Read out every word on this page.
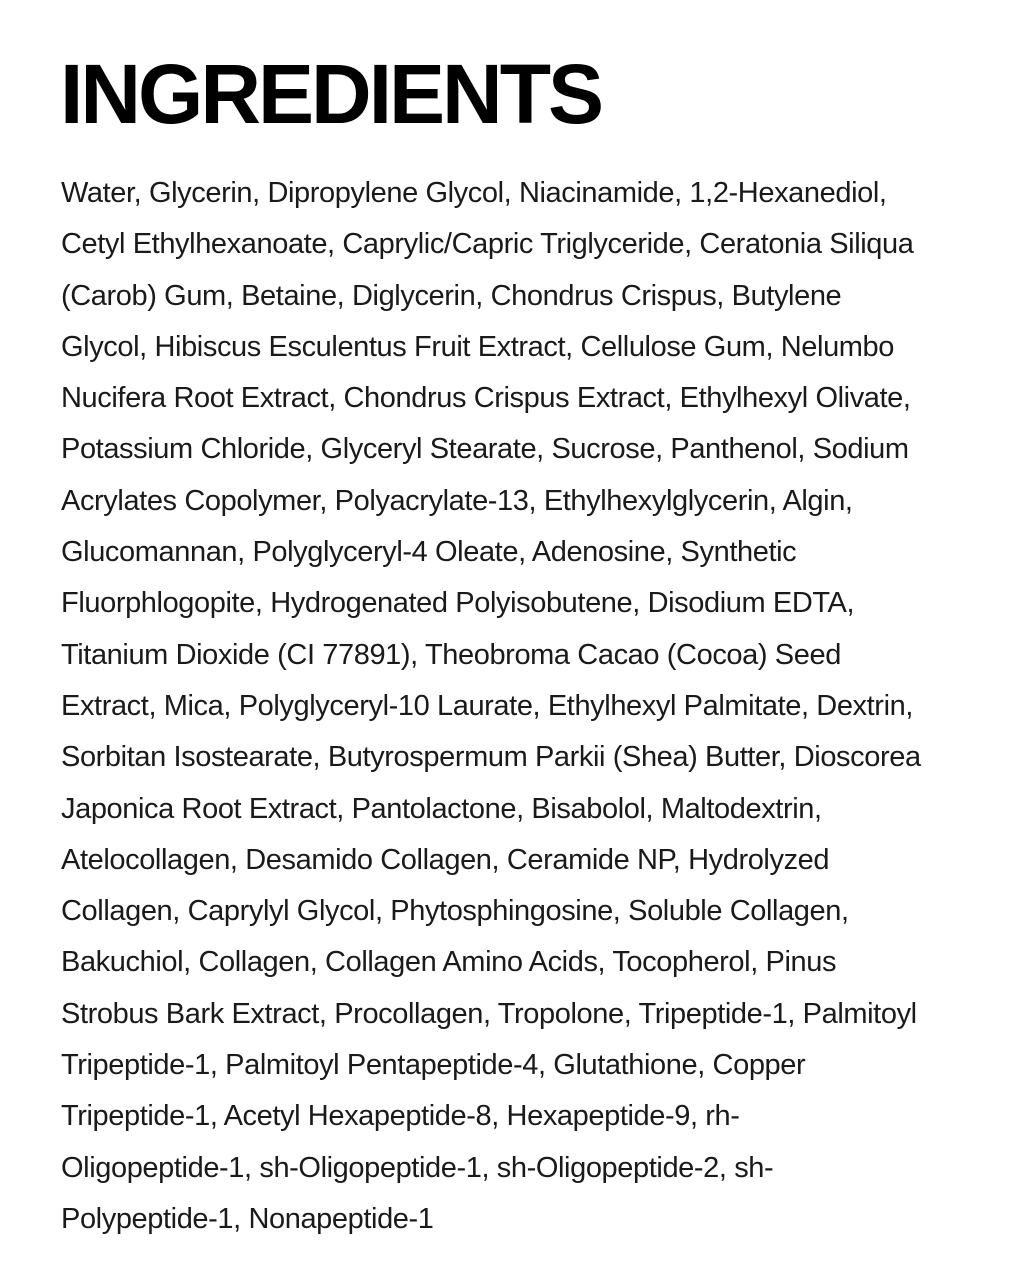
INGREDIENTS
Water, Glycerin, Dipropylene Glycol, Niacinamide, 1,2-Hexanediol,
Cetyl Ethylhexanoate, Caprylic/Capric Triglyceride, Ceratonia Siliqua
(Carob) Gum, Betaine, Diglycerin, Chondrus Crispus, Butylene
Glycol, Hibiscus Esculentus Fruit Extract, Cellulose Gum, Nelumbo
Nucifera Root Extract, Chondrus Crispus Extract, Ethylhexyl Olivate,
Potassium Chloride, Glyceryl Stearate, Sucrose, Panthenol, Sodium
Acrylates Copolymer, Polyacrylate-13, Ethylhexylglycerin, Algin,
Glucomannan, Polyglyceryl-4 Oleate, Adenosine, Synthetic
Fluorphlogopite, Hydrogenated Polyisobutene, Disodium EDTA,
Titanium Dioxide (CI 77891), Theobroma Cacao (Cocoa) Seed
Extract, Mica, Polyglyceryl-10 Laurate, Ethylhexyl Palmitate, Dextrin,
Sorbitan Isostearate, Butyrospermum Parkii (Shea) Butter, Dioscorea
Japonica Root Extract, Pantolactone, Bisabolol, Maltodextrin,
Atelocollagen, Desamido Collagen, Ceramide NP, Hydrolyzed
Collagen, Caprylyl Glycol, Phytosphingosine, Soluble Collagen,
Bakuchiol, Collagen, Collagen Amino Acids, Tocopherol, Pinus
Strobus Bark Extract, Procollagen, Tropolone, Tripeptide-1, Palmitoyl
Tripeptide-1, Palmitoyl Pentapeptide-4, Glutathione, Copper
Tripeptide-1, Acetyl Hexapeptide-8, Hexapeptide-9, rh-
Oligopeptide-1, sh-Oligopeptide-1, sh-Oligopeptide-2, sh-
Polypeptide-1, Nonapeptide-1
